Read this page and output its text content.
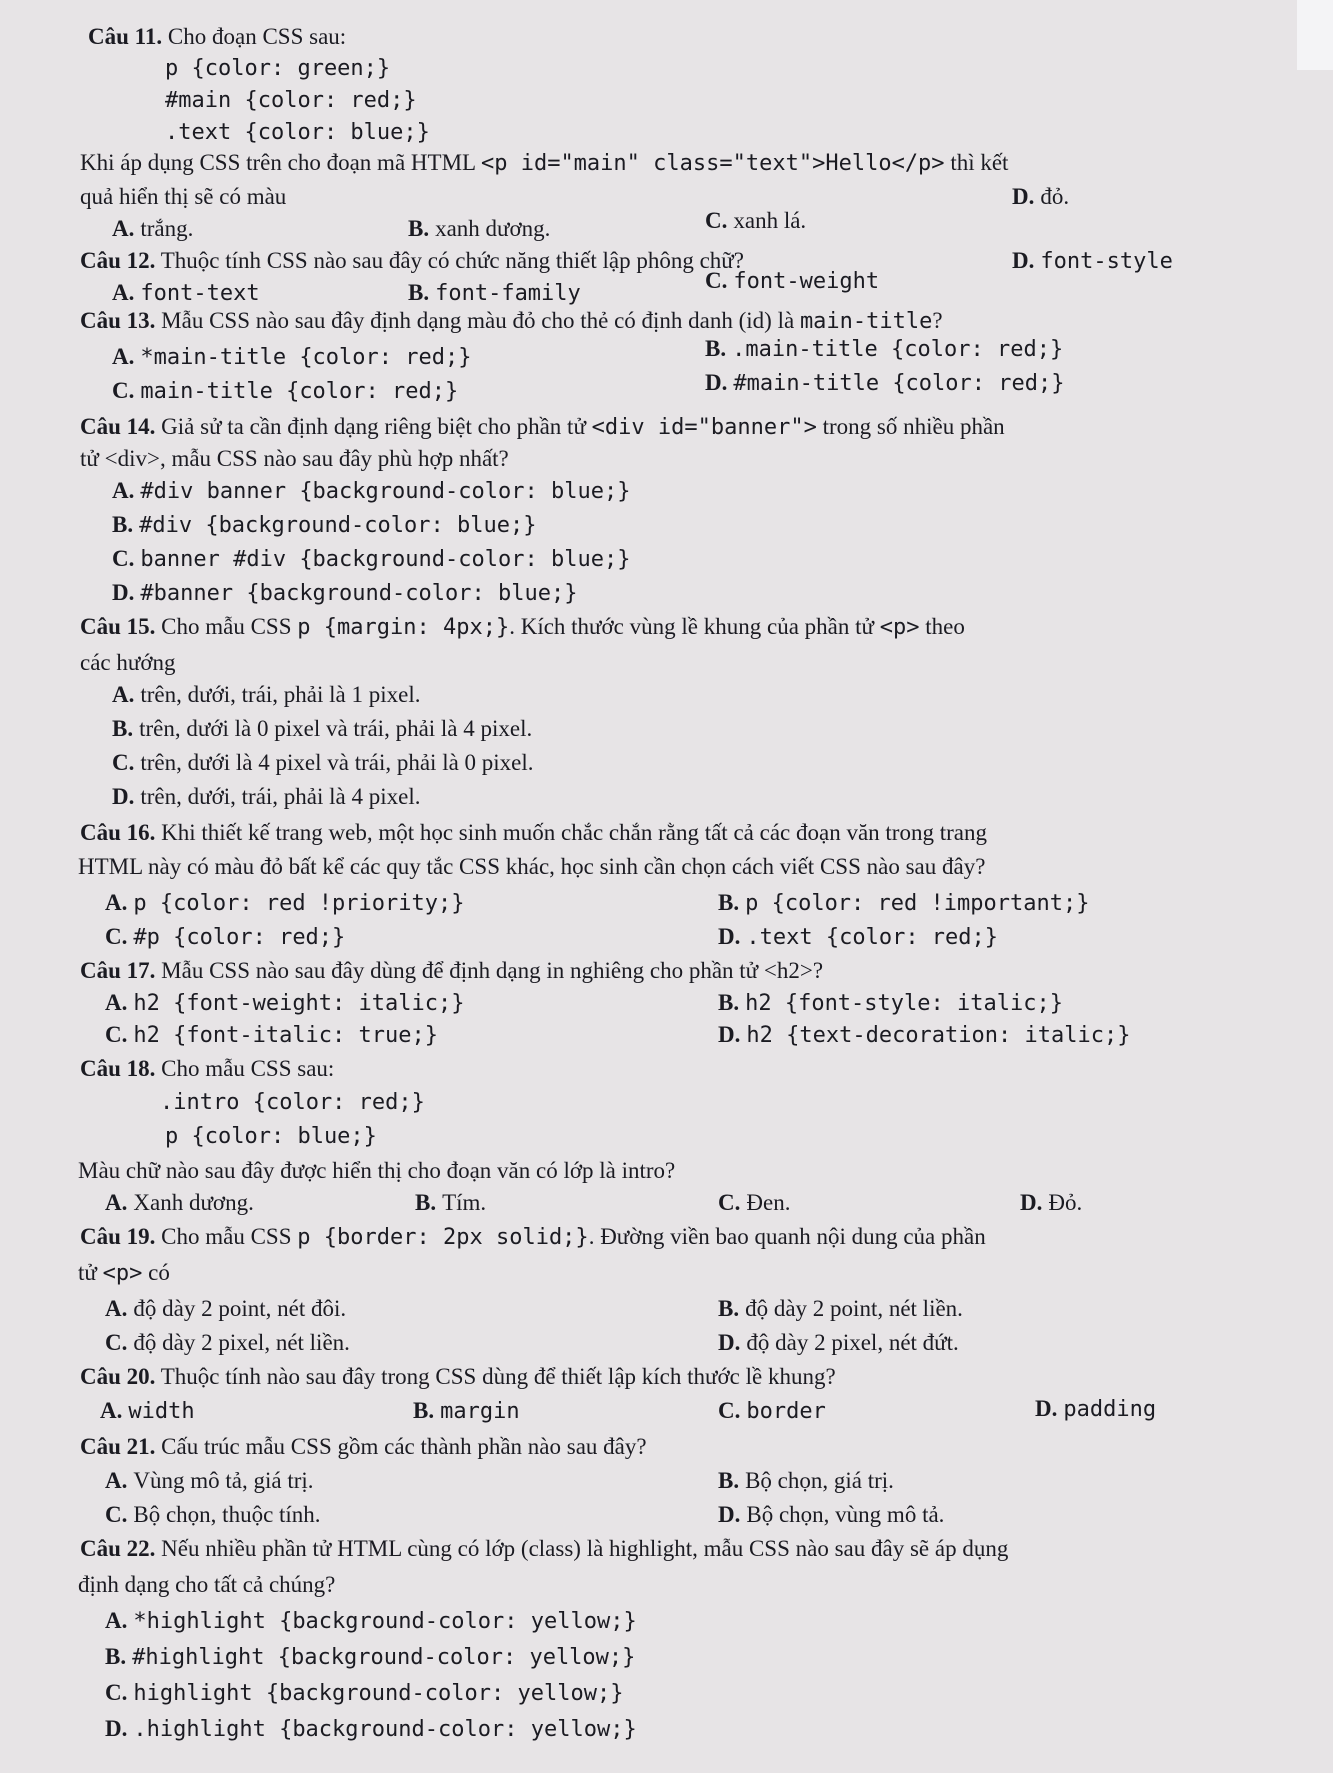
Câu 11. Cho đoạn CSS sau:
p {color: green;}
#main {color: red;}
.text {color: blue;}
Khi áp dụng CSS trên cho đoạn mã HTML <p id="main" class="text">Hello</p> thì kết
quả hiển thị sẽ có màu
A. trắng.	B. xanh dương.	C. xanh lá.
D. đỏ.
Câu 12. Thuộc tính CSS nào sau đây có chức năng thiết lập phông chữ?
A. font-text	B. font-family
C. font-weight
D. font-style
Câu 13. Mẫu CSS nào sau đây định dạng màu đỏ cho thẻ có định danh (id) là main-title?
A. *main-title {color: red;}	B. .main-title {color: red;}
C. main-title {color: red;}	D. #main-title {color: red;}
Câu 14. Giả sử ta cần định dạng riêng biệt cho phần tử <div id="banner"> trong số nhiều phần
tử <div>, mẫu CSS nào sau đây phù hợp nhất?
A. #div banner {background-color: blue;}
B. #div {background-color: blue;}
C. banner #div {background-color: blue;}
D. #banner {background-color: blue;}
Câu 15. Cho mẫu CSS p {margin: 4px;}. Kích thước vùng lề khung của phần tử <p> theo
các hướng
A. trên, dưới, trái, phải là 1 pixel.
B. trên, dưới là 0 pixel và trái, phải là 4 pixel.
C. trên, dưới là 4 pixel và trái, phải là 0 pixel.
D. trên, dưới, trái, phải là 4 pixel.
Câu 16. Khi thiết kế trang web, một học sinh muốn chắc chắn rằng tất cả các đoạn văn trong trang
HTML này có màu đỏ bất kể các quy tắc CSS khác, học sinh cần chọn cách viết CSS nào sau đây?
A. p {color: red !priority;}	B. p {color: red !important;}
C. #p {color: red;}	D. .text {color: red;}
Câu 17. Mẫu CSS nào sau đây dùng để định dạng in nghiêng cho phần tử <h2>?
A. h2 {font-weight: italic;}	B. h2 {font-style: italic;}
C. h2 {font-italic: true;}	D. h2 {text-decoration: italic;}
Câu 18. Cho mẫu CSS sau:
.intro {color: red;}
p {color: blue;}
Màu chữ nào sau đây được hiển thị cho đoạn văn có lớp là intro?
A. Xanh dương.	B. Tím.	C. Đen.	D. Đỏ.
Câu 19. Cho mẫu CSS p {border: 2px solid;}. Đường viền bao quanh nội dung của phần
tử <p> có
A. độ dày 2 point, nét đôi.	B. độ dày 2 point, nét liền.
C. độ dày 2 pixel, nét liền.	D. độ dày 2 pixel, nét đứt.
Câu 20. Thuộc tính nào sau đây trong CSS dùng để thiết lập kích thước lề khung?
A. width	B. margin	C. border	D. padding
Câu 21. Cấu trúc mẫu CSS gồm các thành phần nào sau đây?
A. Vùng mô tả, giá trị.	B. Bộ chọn, giá trị.
C. Bộ chọn, thuộc tính.	D. Bộ chọn, vùng mô tả.
Câu 22. Nếu nhiều phần tử HTML cùng có lớp (class) là highlight, mẫu CSS nào sau đây sẽ áp dụng
định dạng cho tất cả chúng?
A. *highlight {background-color: yellow;}
B. #highlight {background-color: yellow;}
C. highlight {background-color: yellow;}
D. .highlight {background-color: yellow;}
